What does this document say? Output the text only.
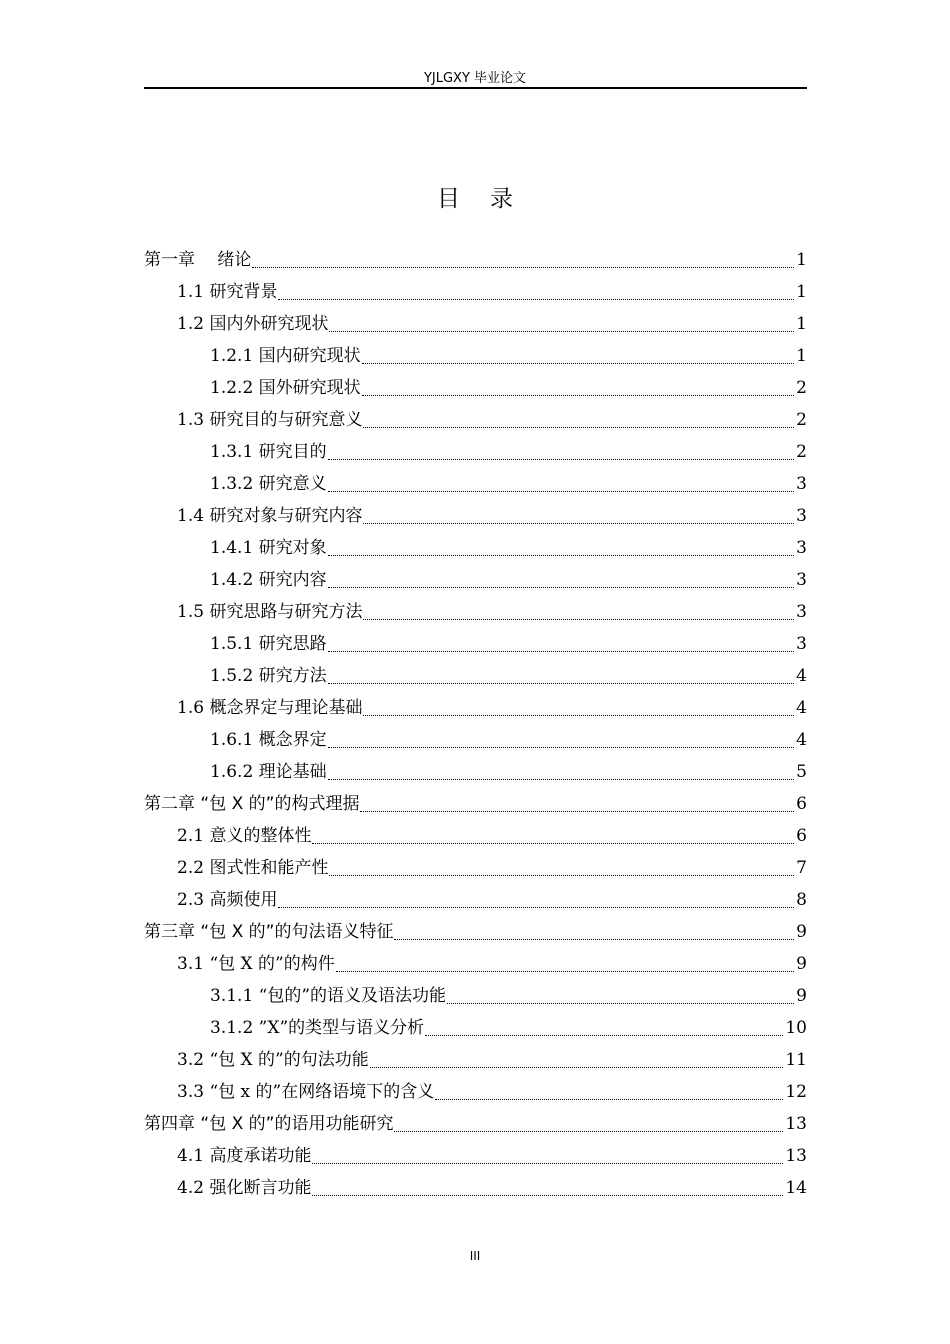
YJLGXY 毕业论文
目录
第一章　 绪论	1
1.1 研究背景	1
1.2 国内外研究现状	1
1.2.1 国内研究现状	1
1.2.2 国外研究现状	2
1.3 研究目的与研究意义	2
1.3.1 研究目的	2
1.3.2 研究意义	3
1.4 研究对象与研究内容	3
1.4.1 研究对象	3
1.4.2 研究内容	3
1.5 研究思路与研究方法	3
1.5.1 研究思路	3
1.5.2 研究方法	4
1.6 概念界定与理论基础	4
1.6.1 概念界定	4
1.6.2 理论基础	5
第二章 “包 X 的”的构式理据	6
2.1 意义的整体性	6
2.2 图式性和能产性	7
2.3 高频使用	8
第三章 “包 X 的”的句法语义特征	9
3.1 “包 X 的”的构件	9
3.1.1 “包的”的语义及语法功能	9
3.1.2 ”X”的类型与语义分析	10
3.2 “包 X 的”的句法功能	11
3.3 “包 x 的”在网络语境下的含义	12
第四章 “包 X 的”的语用功能研究	13
4.1 高度承诺功能	13
4.2 强化断言功能	14
III
